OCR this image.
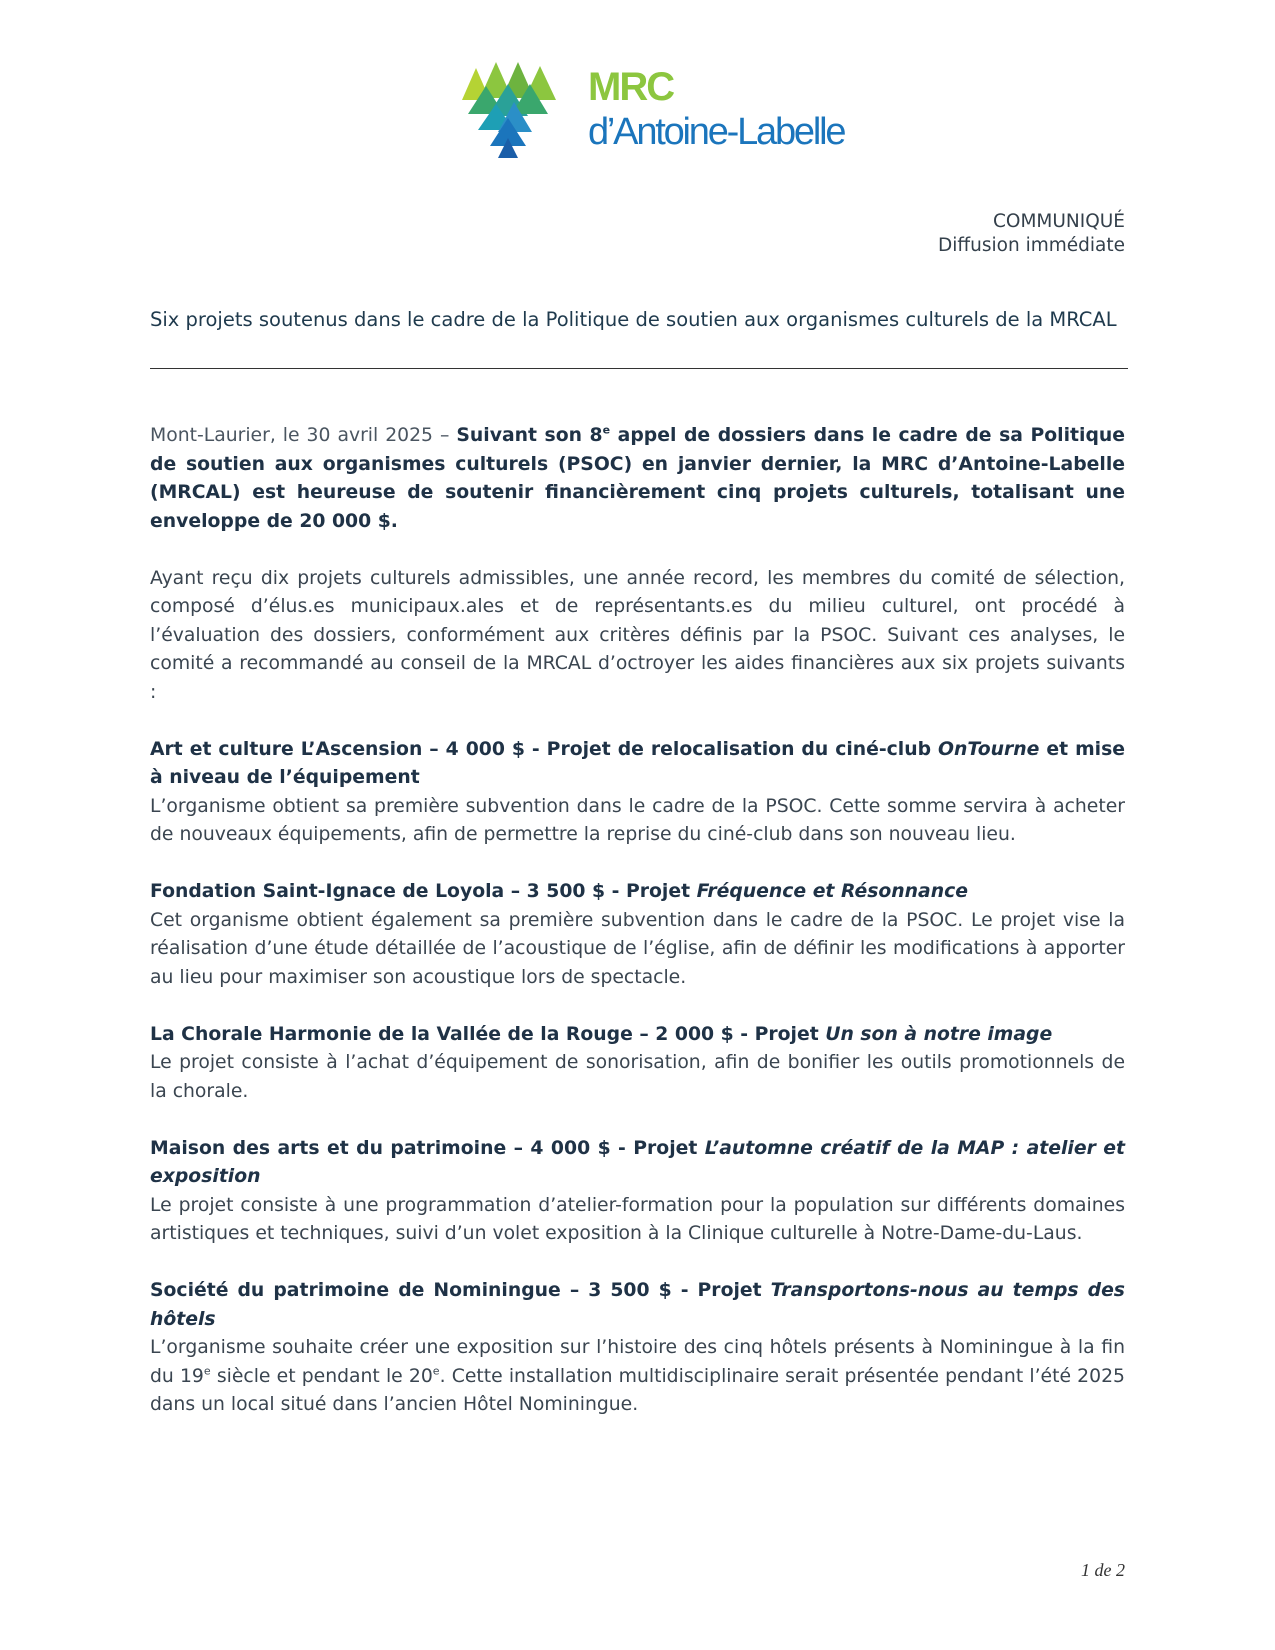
MRC
d’Antoine-Labelle
COMMUNIQUÉ
Diffusion immédiate
Six projets soutenus dans le cadre de la Politique de soutien aux organismes culturels de la MRCAL

Mont-Laurier, le 30 avril 2025 – Suivant son 8e appel de dossiers dans le cadre de sa Politique de soutien aux organismes culturels (PSOC) en janvier dernier, la MRC d’Antoine-Labelle (MRCAL) est heureuse de soutenir financièrement cinq projets culturels, totalisant une enveloppe de 20 000 $.

Ayant reçu dix projets culturels admissibles, une année record, les membres du comité de sélection, composé d’élus.es municipaux.ales et de représentants.es du milieu culturel, ont procédé à l’évaluation des dossiers, conformément aux critères définis par la PSOC. Suivant ces analyses, le comité a recommandé au conseil de la MRCAL d’octroyer les aides financières aux six projets suivants :

Art et culture L’Ascension – 4 000 $ - Projet de relocalisation du ciné-club OnTourne et mise à niveau de l’équipement
L’organisme obtient sa première subvention dans le cadre de la PSOC. Cette somme servira à acheter de nouveaux équipements, afin de permettre la reprise du ciné-club dans son nouveau lieu.
Fondation Saint-Ignace de Loyola – 3 500 $ - Projet Fréquence et Résonnance
Cet organisme obtient également sa première subvention dans le cadre de la PSOC. Le projet vise la réalisation d’une étude détaillée de l’acoustique de l’église, afin de définir les modifications à apporter au lieu pour maximiser son acoustique lors de spectacle.
La Chorale Harmonie de la Vallée de la Rouge – 2 000 $ - Projet Un son à notre image
Le projet consiste à l’achat d’équipement de sonorisation, afin de bonifier les outils promotionnels de la chorale.
Maison des arts et du patrimoine – 4 000 $ - Projet L’automne créatif de la MAP : atelier et exposition
Le projet consiste à une programmation d’atelier-formation pour la population sur différents domaines artistiques et techniques, suivi d’un volet exposition à la Clinique culturelle à Notre-Dame-du-Laus.
Société du patrimoine de Nominingue – 3 500 $ - Projet Transportons-nous au temps des hôtels
L’organisme souhaite créer une exposition sur l’histoire des cinq hôtels présents à Nominingue à la fin du 19e siècle et pendant le 20e. Cette installation multidisciplinaire serait présentée pendant l’été 2025 dans un local situé dans l’ancien Hôtel Nominingue.
1 de 2
